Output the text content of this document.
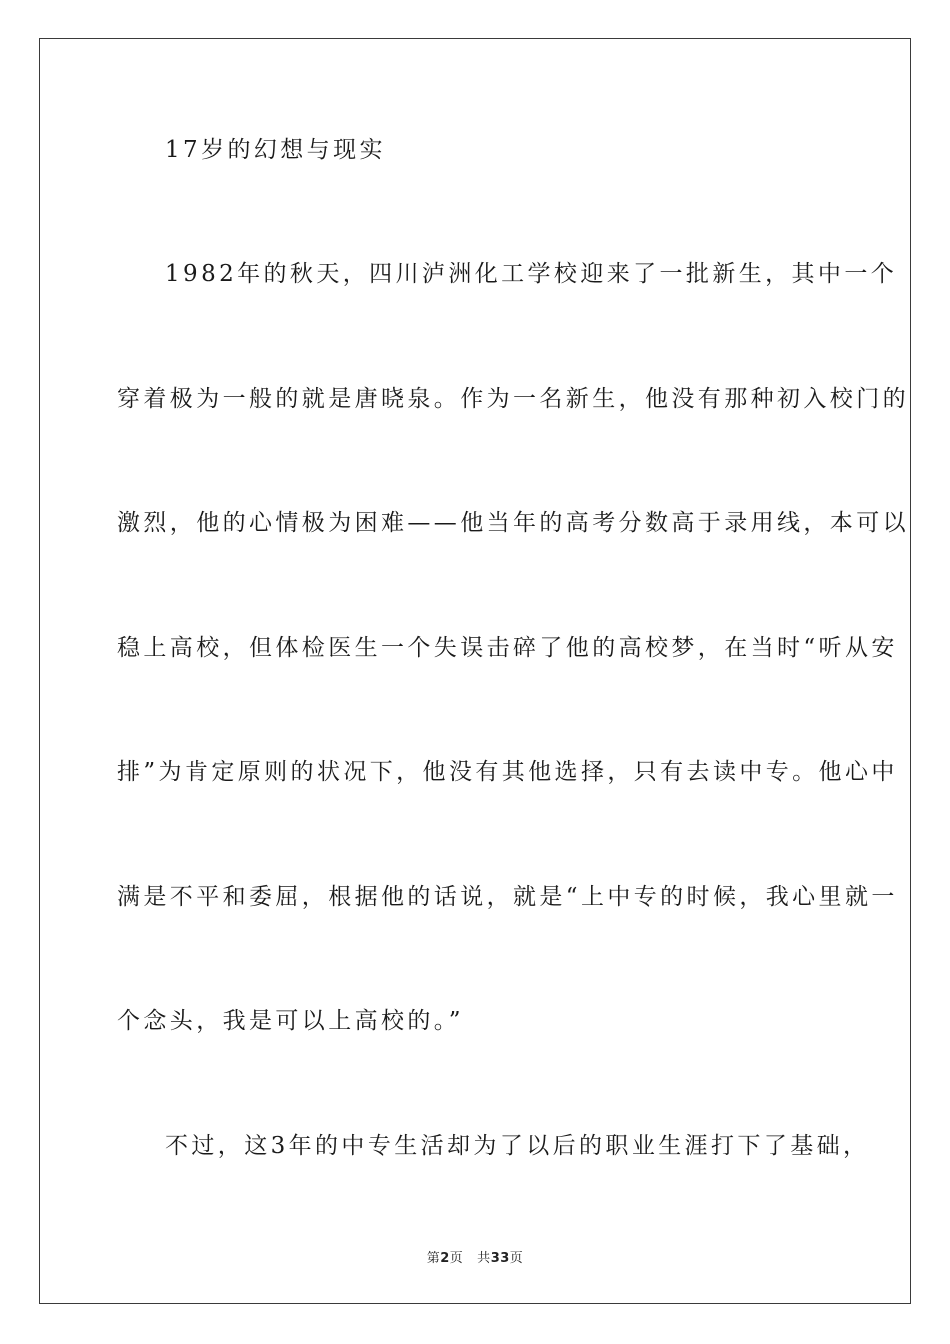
17岁的幻想与现实
1982年的秋天，四川泸洲化工学校迎来了一批新生，其中一个
穿着极为一般的就是唐晓泉。作为一名新生，他没有那种初入校门的
激烈，他的心情极为困难——他当年的高考分数高于录用线，本可以
稳上高校，但体检医生一个失误击碎了他的高校梦，在当时“听从安
排”为肯定原则的状况下，他没有其他选择，只有去读中专。他心中
满是不平和委屈，根据他的话说，就是“上中专的时候，我心里就一
个念头，我是可以上高校的。”
不过，这3年的中专生活却为了以后的职业生涯打下了基础，
第2页 共33页
